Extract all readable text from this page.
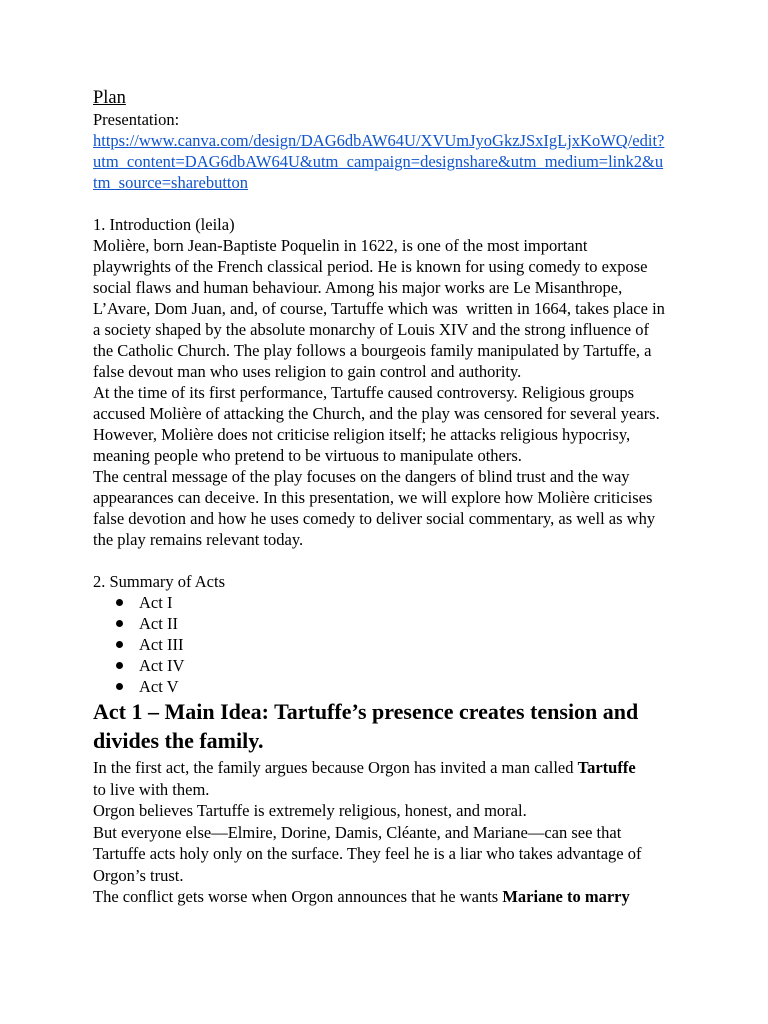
Plan
Presentation:
https://www.canva.com/design/DAG6dbAW64U/XVUmJyoGkzJSxIgLjxKoWQ/edit?
utm_content=DAG6dbAW64U&utm_campaign=designshare&utm_medium=link2&u
tm_source=sharebutton
1. Introduction (leila)
Molière, born Jean-Baptiste Poquelin in 1622, is one of the most important
playwrights of the French classical period. He is known for using comedy to expose
social flaws and human behaviour. Among his major works are Le Misanthrope,
L’Avare, Dom Juan, and, of course, Tartuffe which was  written in 1664, takes place in
a society shaped by the absolute monarchy of Louis XIV and the strong influence of
the Catholic Church. The play follows a bourgeois family manipulated by Tartuffe, a
false devout man who uses religion to gain control and authority.
At the time of its first performance, Tartuffe caused controversy. Religious groups
accused Molière of attacking the Church, and the play was censored for several years.
However, Molière does not criticise religion itself; he attacks religious hypocrisy,
meaning people who pretend to be virtuous to manipulate others.
The central message of the play focuses on the dangers of blind trust and the way
appearances can deceive. In this presentation, we will explore how Molière criticises
false devotion and how he uses comedy to deliver social commentary, as well as why
the play remains relevant today.
2. Summary of Acts

Act I

Act II

Act III

Act IV

Act V

Act 1 – Main Idea: Tartuffe’s presence creates tension and
divides the family.
In the first act, the family argues because Orgon has invited a man called Tartuffe
to live with them.
Orgon believes Tartuffe is extremely religious, honest, and moral.
But everyone else—Elmire, Dorine, Damis, Cléante, and Mariane—can see that
Tartuffe acts holy only on the surface. They feel he is a liar who takes advantage of
Orgon’s trust.
The conflict gets worse when Orgon announces that he wants Mariane to marry
